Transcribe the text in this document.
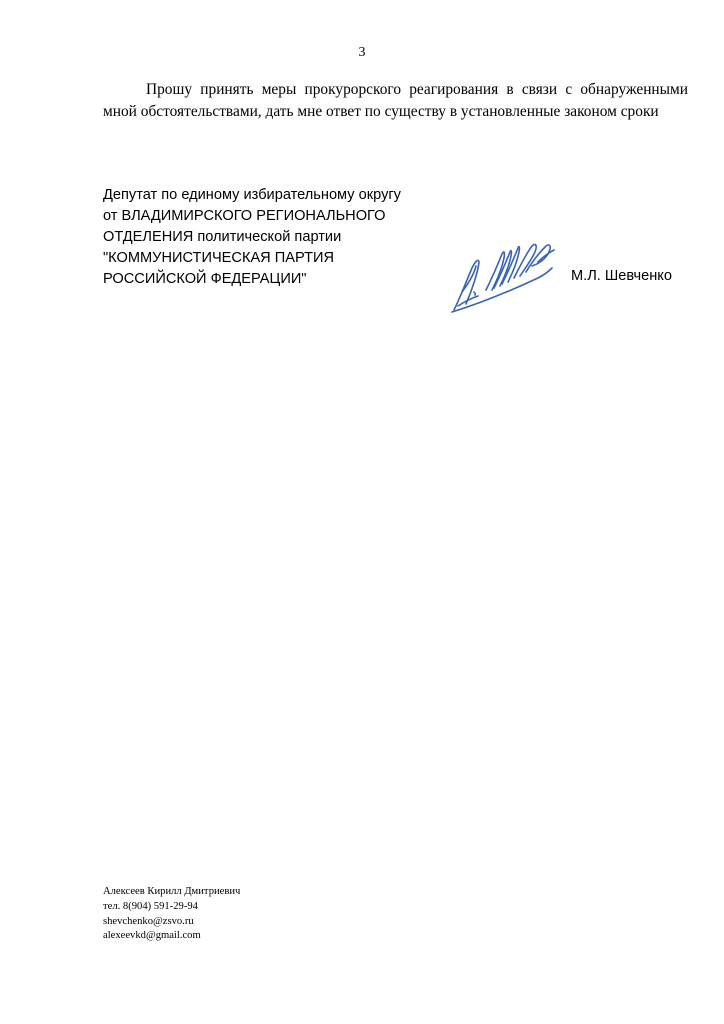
3

Прошу принять меры прокурорского реагирования в связи с обнаруженными мной обстоятельствами, дать мне ответ по существу в установленные законом сроки

Депутат по единому избирательному округу
от ВЛАДИМИРСКОГО РЕГИОНАЛЬНОГО
ОТДЕЛЕНИЯ политической партии
"КОММУНИСТИЧЕСКАЯ ПАРТИЯ
РОССИЙСКОЙ ФЕДЕРАЦИИ"	М.Л. Шевченко
Алексеев Кирилл Дмитриевич
тел. 8(904) 591-29-94
shevchenko@zsvo.ru
alexeevkd@gmail.com
